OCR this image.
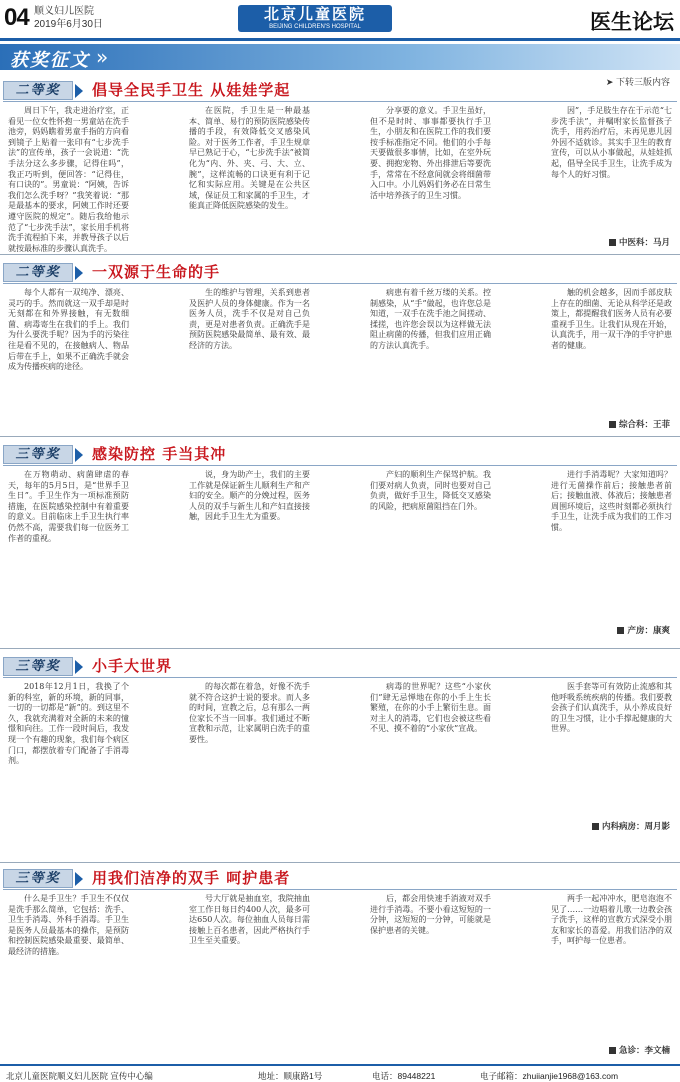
04 顺义妇儿医院
2019年6月30日
北京儿童医院
BEIJING CHILDREN'S HOSPITAL	医生论坛
获奖征文 »
➤ 下转三版内容
二等奖	倡导全民手卫生 从娃娃学起

周日下午，我走进治疗室，正看见一位女性怀抱一男童站在洗手池旁，妈妈瞧着男童手指的方向看到镜子上贴着一张印有“七步洗手法”的宣传单，孩子一会说道：“洗手法分这么多步骤，记得住吗”，我正巧听到，便回答：“记得住，有口诀的”。男童说：“阿姨，告诉我们怎么洗手呀？”我笑着说：“那是最基本的要求，阿姨工作时还要遵守医院的规定”。随后我给他示范了“七步洗手法”，家长用手机将洗手流程拍下来，并教导孩子以后就按最标准的步骤认真洗手。

在医院，手卫生是一种最基本、简单、易行的预防医院感染传播的手段，有效降低交叉感染风险。对于医务工作者，手卫生规章早已熟记于心，“七步洗手法”被简化为“内、外、夹、弓、大、立、腕”，这样流畅的口诀更有利于记忆和实际应用。关键是在公共区域，保证员工和家属的手卫生，才能真正降低医院感染的发生。

分享要的意义。手卫生虽好，但不是时时、事事都要执行手卫生，小朋友和在医院工作的我们要按手标准指定不同。他们的小手每天要做很多事情，比如，在室外玩要、拥抱宠物、外出排泄后等要洗手，常常在不经意间就会将细菌带入口中。小儿妈妈们务必在日常生活中培养孩子的卫生习惯。

因”，手足肢生存在于示范“七步洗手法”，并嘱咐家长监督孩子洗手，用药治疗后，未再见患儿因外因不适就诊。其实手卫生的教育宣传，可以从小事做起，从娃娃抓起，倡导全民手卫生，让洗手成为每个人的好习惯。

中医科：马月
二等奖	一双源于生命的手

每个人都有一双纯净、漂亮、灵巧的手。然而就这一双手却是时无刻都在和外界接触，有无数细菌、病毒寄生在我们的手上。我们为什么要洗手呢？因为手的污染往往是看不见的，在接触病人、物品后带在手上，如果不正确洗手就会成为传播疾病的途径。

生的维护与管理，关系到患者及医护人员的身体健康。作为一名医务人员，洗手不仅是对自己负责，更是对患者负责。正确洗手是预防医院感染最简单、最有效、最经济的方法。

病患有着千丝万缕的关系。控制感染，从“手”做起，也许您总是知道，一双手在洗手池之间搓动、揉搓，也许您会误以为这样做无法阻止病菌的传播，但我们应用正确的方法认真洗手。

触的机会越多，因而手部皮肤上存在的细菌、无论从科学还是政策上，都提醒我们医务人员有必要重视手卫生。让我们从现在开始，认真洗手，用一双干净的手守护患者的健康。

综合科：王菲
三等奖	感染防控 手当其冲

在万物萌动、病菌肆虐的春天，每年的5月5日，是“世界手卫生日”。手卫生作为一项标准预防措施，在医院感染控制中有着重要的意义。目前临床上手卫生执行率仍然不高，需要我们每一位医务工作者的重视。

说，身为助产士，我们的主要工作就是保证新生儿顺利生产和产妇的安全。顺产的分娩过程，医务人员的双手与新生儿和产妇直接接触，因此手卫生尤为重要。

产妇的顺利生产保驾护航。我们要对病人负责，同时也要对自己负责，做好手卫生，降低交叉感染的风险，把病原菌阻挡在门外。

进行手消毒呢？大家知道吗？进行无菌操作前后；接触患者前后；接触血液、体液后；接触患者周围环境后，这些时刻都必须执行手卫生，让洗手成为我们的工作习惯。

产房：康爽
三等奖	小手大世界

2018年12月1日，我换了个新的科室，新的环境，新的同事，一切的一切都是“新”的。到这里不久，我就充满着对全新的未来的憧憬和向往。工作一段时间后，我发现一个有趣的现象，我们每个病区门口，都摆放着专门配备了手消毒剂。

的每次都在着急，好像不洗手就不符合这护士说的要求。而人多的时间，宣教之后，总有那么一两位家长不当一回事。我们通过不断宣教和示范，让家属明白洗手的重要性。

病毒的世界呢？这些“小家伙们”肆无忌惮地在你的小手上生长繁殖，在你的小手上繁衍生息。面对主人的消毒，它们也会被这些看不见、摸不着的“小家伙”宣战。

医手套等可有效防止流感和其他呼吸系统疾病的传播。我们要教会孩子们认真洗手，从小养成良好的卫生习惯，让小手撑起健康的大世界。

内科病房：周月影
三等奖	用我们洁净的双手 呵护患者

什么是手卫生？手卫生不仅仅是洗手那么简单，它包括：洗手、卫生手消毒、外科手消毒。手卫生是医务人员最基本的操作，是预防和控制医院感染最重要、最简单、最经济的措施。

号大厅就是抽血室，我院抽血室工作日每日约400人次，最多可达650人次。每位抽血人员每日需接触上百名患者，因此严格执行手卫生至关重要。

后，都会用快速手消液对双手进行手消毒。不要小看这短短的一分钟，这短短的一分钟，可能就是保护患者的关键。

两手一起冲冲水，肥皂泡泡不见了……一边唱着儿歌一边教会孩子洗手，这样的宣教方式深受小朋友和家长的喜爱。用我们洁净的双手，呵护每一位患者。

急诊：李文楠
北京儿童医院顺义妇儿医院 宣传中心编	地址：顺康路1号	电话：89448221	电子邮箱：zhuiianjie1968@163.com
